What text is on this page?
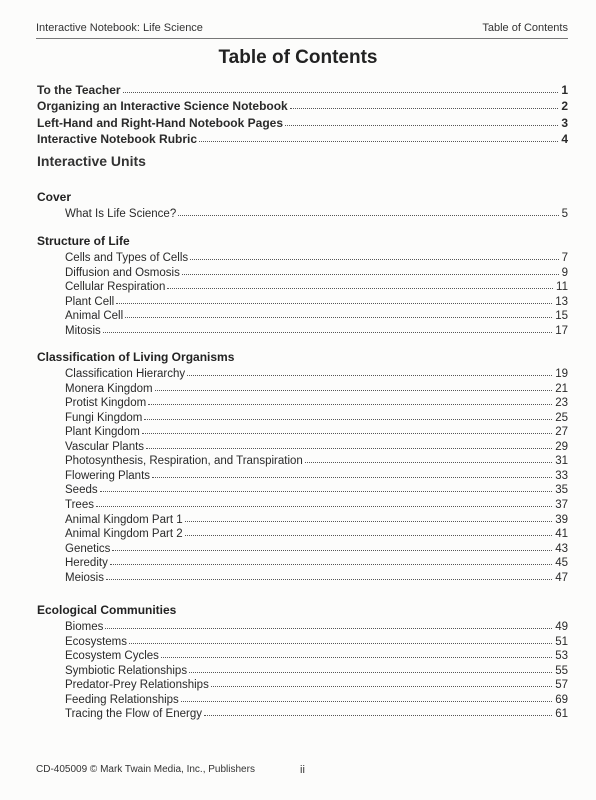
Interactive Notebook: Life Science	Table of Contents
Table of Contents
To the Teacher	1
Organizing an Interactive Science Notebook	2
Left-Hand and Right-Hand Notebook Pages	3
Interactive Notebook Rubric	4
Interactive Units
Cover
What Is Life Science?	5
Structure of Life
Cells and Types of Cells	7
Diffusion and Osmosis	9
Cellular Respiration	11
Plant Cell	13
Animal Cell	15
Mitosis	17
Classification of Living Organisms
Classification Hierarchy	19
Monera Kingdom	21
Protist Kingdom	23
Fungi Kingdom	25
Plant Kingdom	27
Vascular Plants	29
Photosynthesis, Respiration, and Transpiration	31
Flowering Plants	33
Seeds	35
Trees	37
Animal Kingdom Part 1	39
Animal Kingdom Part 2	41
Genetics	43
Heredity	45
Meiosis	47
Ecological Communities
Biomes	49
Ecosystems	51
Ecosystem Cycles	53
Symbiotic Relationships	55
Predator-Prey Relationships	57
Feeding Relationships	69
Tracing the Flow of Energy	61
CD-405009 © Mark Twain Media, Inc., Publishers	ii
